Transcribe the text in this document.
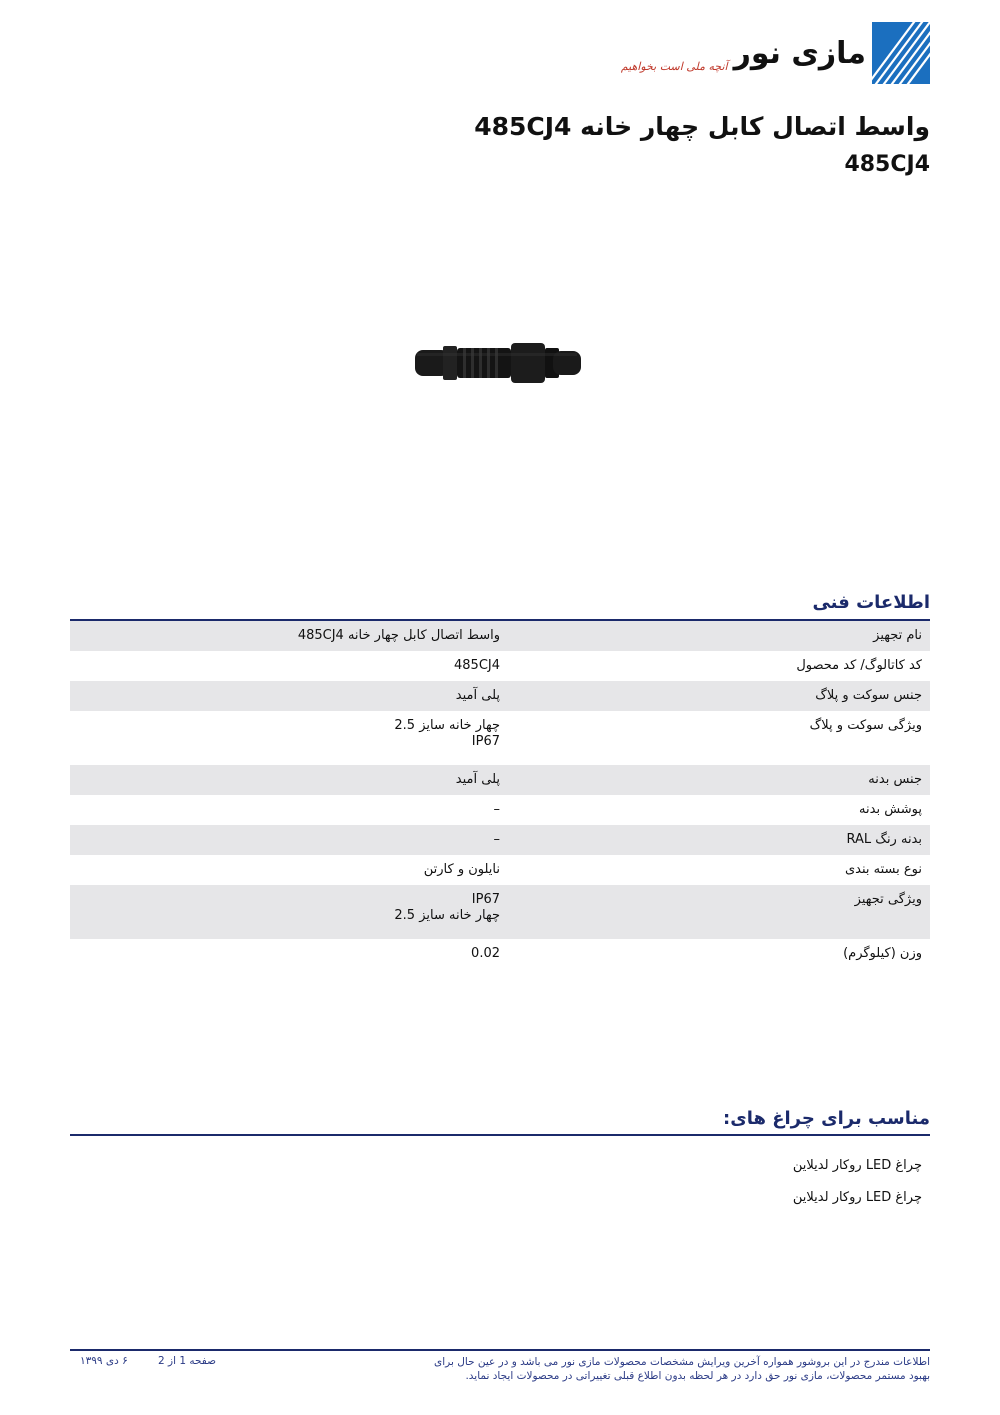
آنچه ملی است بخواهیم مازی نور
واسط اتصال کابل چهار خانه 485CJ4
485CJ4
اطلاعات فنی
نام تجهیز
واسط اتصال کابل چهار خانه 485CJ4
کد کاتالوگ/ کد محصول
485CJ4
جنس سوکت و پلاگ
پلی آمید
ویژگی سوکت و پلاگ
چهار خانه سایز 2.5
IP67
جنس بدنه
پلی آمید
پوشش بدنه
–
بدنه رنگ RAL
–
نوع بسته بندی
نایلون و کارتن
ویژگی تجهیز
IP67
چهار خانه سایز 2.5
وزن (کیلوگرم)
0.02
مناسب برای چراغ های:
چراغ LED روکار لدیلاین
چراغ LED روکار لدیلاین
اطلاعات مندرج در این بروشور همواره آخرین ویرایش مشخصات محصولات مازی نور می باشد و در عین حال برای بهبود مستمر محصولات، مازی نور حق دارد در هر لحظه بدون اطلاع قبلی تغییراتی در محصولات ایجاد نماید.
صفحه 1 از 2
۶ دی ۱۳۹۹
